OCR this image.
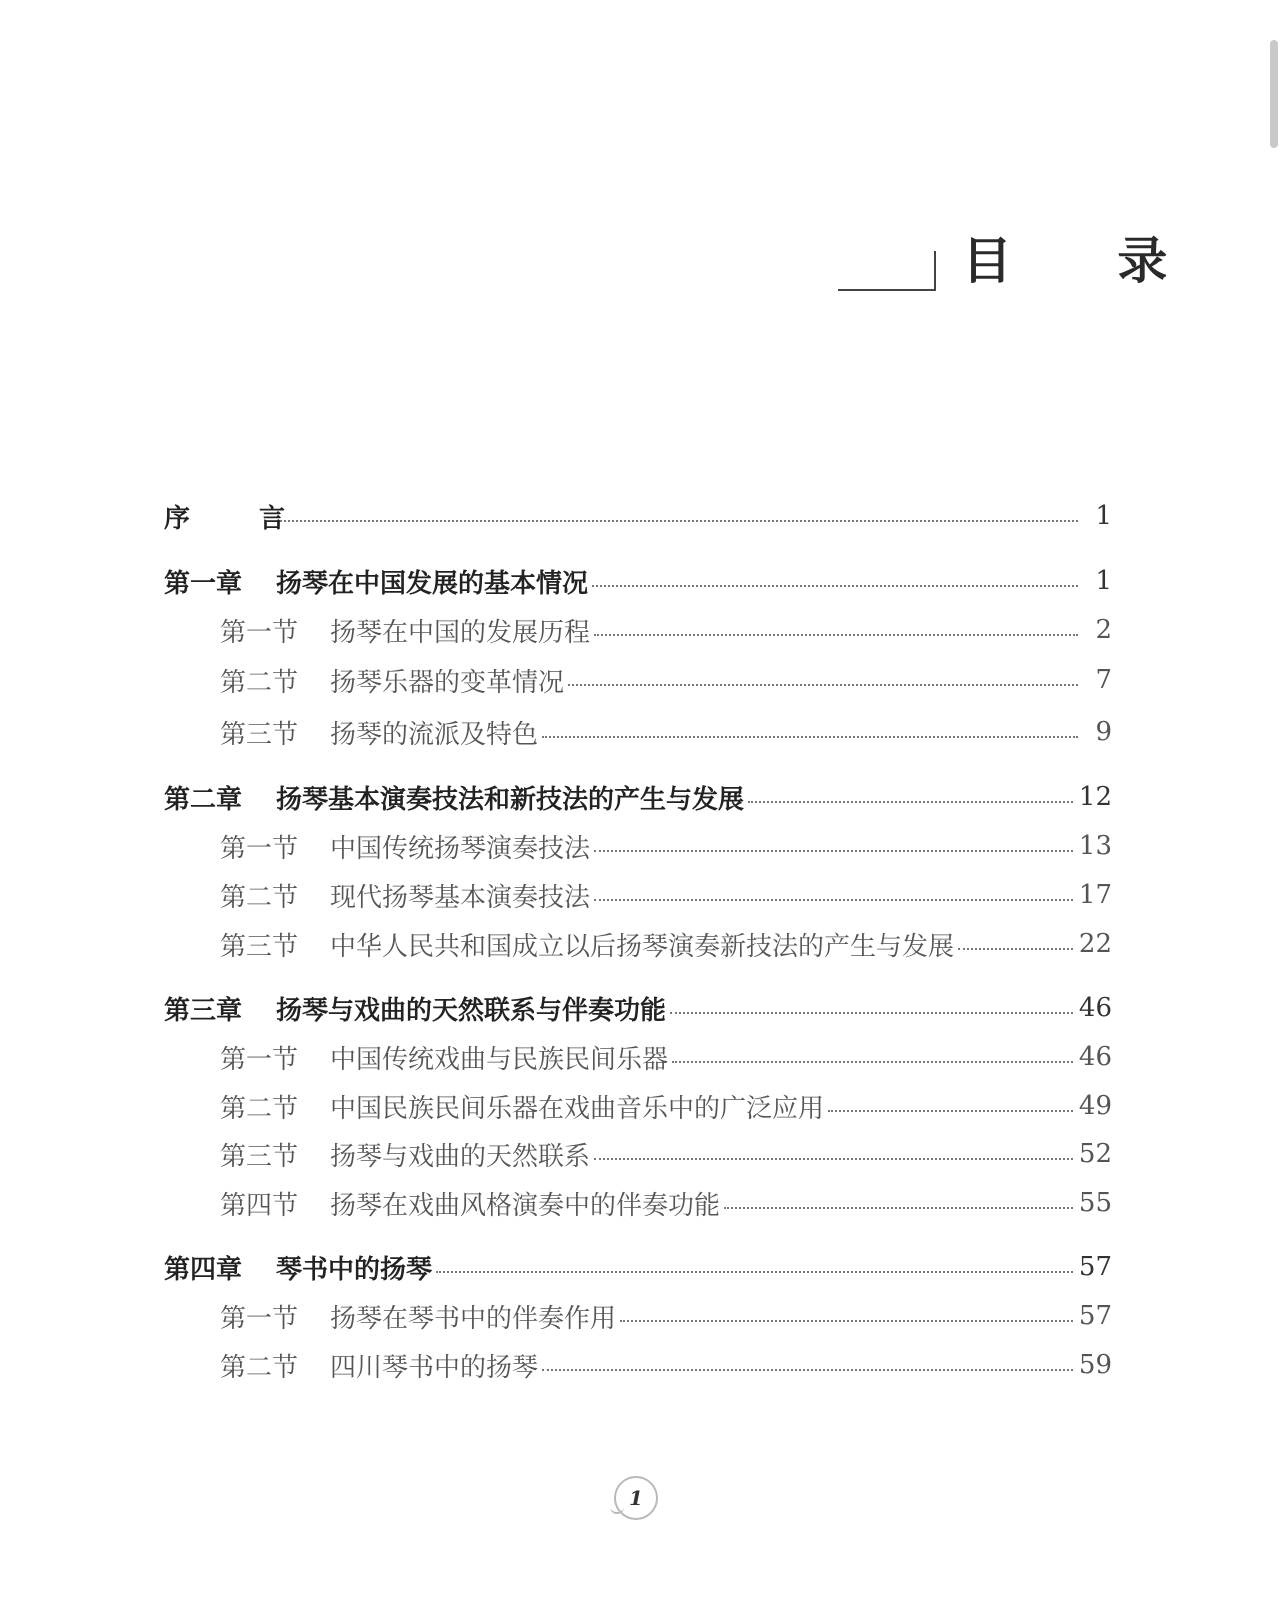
目 录
序 言	1
第一章	扬琴在中国发展的基本情况	1
第一节	扬琴在中国的发展历程	2
第二节	扬琴乐器的变革情况	7
第三节	扬琴的流派及特色	9
第二章	扬琴基本演奏技法和新技法的产生与发展	12
第一节	中国传统扬琴演奏技法	13
第二节	现代扬琴基本演奏技法	17
第三节	中华人民共和国成立以后扬琴演奏新技法的产生与发展	22
第三章	扬琴与戏曲的天然联系与伴奏功能	46
第一节	中国传统戏曲与民族民间乐器	46
第二节	中国民族民间乐器在戏曲音乐中的广泛应用	49
第三节	扬琴与戏曲的天然联系	52
第四节	扬琴在戏曲风格演奏中的伴奏功能	55
第四章	琴书中的扬琴	57
第一节	扬琴在琴书中的伴奏作用	57
第二节	四川琴书中的扬琴	59
1
